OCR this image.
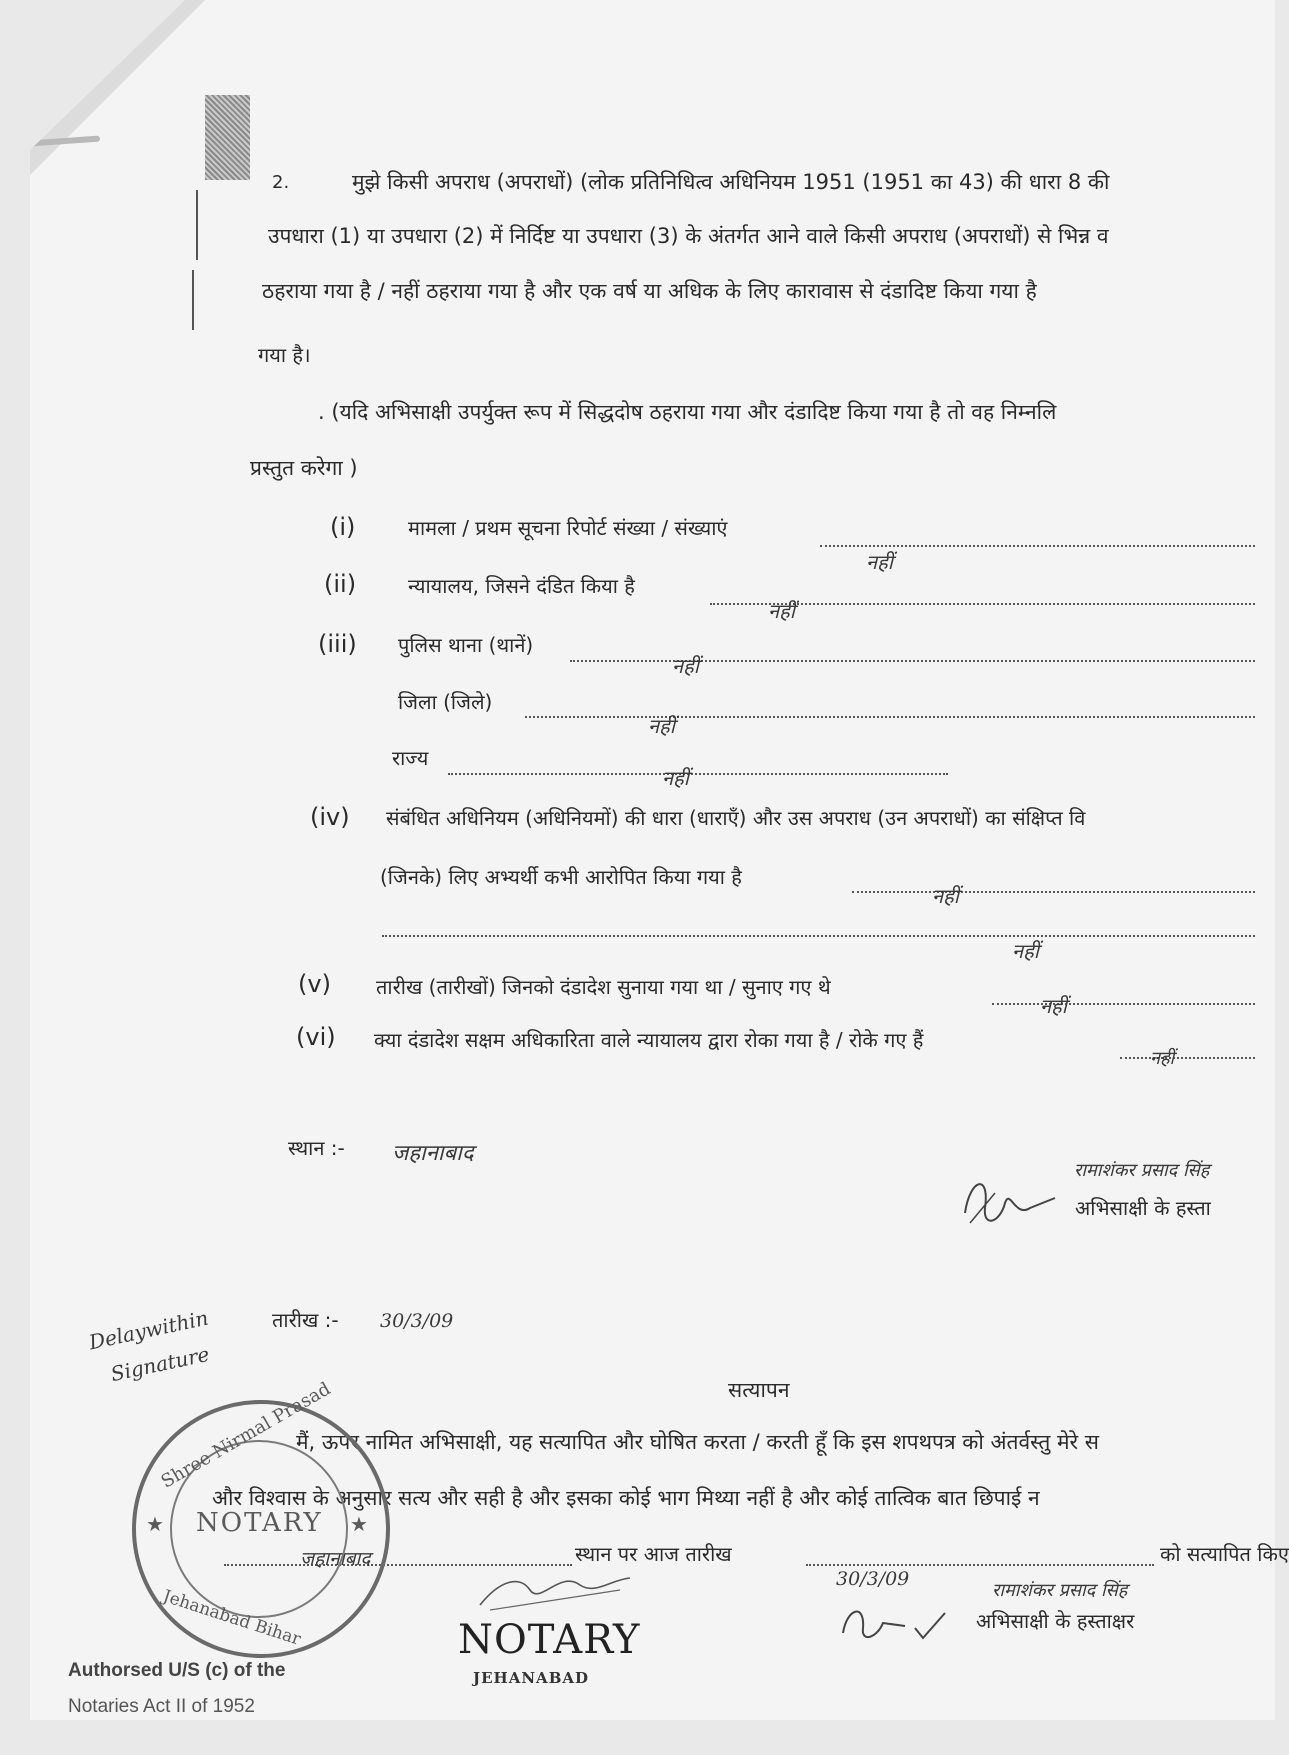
2.	मुझे किसी अपराध (अपराधों) (लोक प्रतिनिधित्व अधिनियम 1951 (1951 का 43) की धारा 8 की
उपधारा (1) या उपधारा (2) में निर्दिष्ट या उपधारा (3) के अंतर्गत आने वाले किसी अपराध (अपराधों) से भिन्न व
ठहराया गया है / नहीं ठहराया गया है और एक वर्ष या अधिक के लिए कारावास से दंडादिष्ट किया गया है
गया है।
. (यदि अभिसाक्षी उपर्युक्त रूप में सिद्धदोष ठहराया गया और दंडादिष्ट किया गया है तो वह निम्नलि
प्रस्तुत करेगा )
(i)	मामला / प्रथम सूचना रिपोर्ट संख्या / संख्याएं
नहीं
(ii)	न्यायालय, जिसने दंडित किया है
नहीं
(iii) पुलिस थाना (थानें)
नहीं
जिला (जिले)
नहीं
राज्य
नहीं
(iv) संबंधित अधिनियम (अधिनियमों) की धारा (धाराएँ) और उस अपराध (उन अपराधों) का संक्षिप्त वि
(जिनके) लिए अभ्यर्थी कभी आरोपित किया गया है
नहीं
नहीं
(v) तारीख (तारीखों) जिनको दंडादेश सुनाया गया था / सुनाए गए थे
नहीं
(vi) क्या दंडादेश सक्षम अधिकारिता वाले न्यायालय द्वारा रोका गया है / रोके गए हैं
नहीं
स्थान :- जहानाबाद
रामाशंकर प्रसाद सिंह
अभिसाक्षी के हस्ता
Delaywithin
Signature
तारीख :- 30/3/09
सत्यापन
मैं, ऊपर नामित अभिसाक्षी, यह सत्यापित और घोषित करता / करती हूँ कि इस शपथपत्र को अंतर्वस्तु मेरे स
और विश्वास के अनुसार सत्य और सही है और इसका कोई भाग मिथ्या नहीं है और कोई तात्विक बात छिपाई न
जहानाबाद	स्थान पर आज तारीख
30/3/09
को सत्यापित किए
रामाशंकर प्रसाद सिंह
अभिसाक्षी के हस्ताक्षर
Shree Nirmal Prasad
NOTARY
★	★
Jehanabad Bihar
Authorsed U/S (c) of the
Notaries Act II of 1952
NOTARY
JEHANABAD
